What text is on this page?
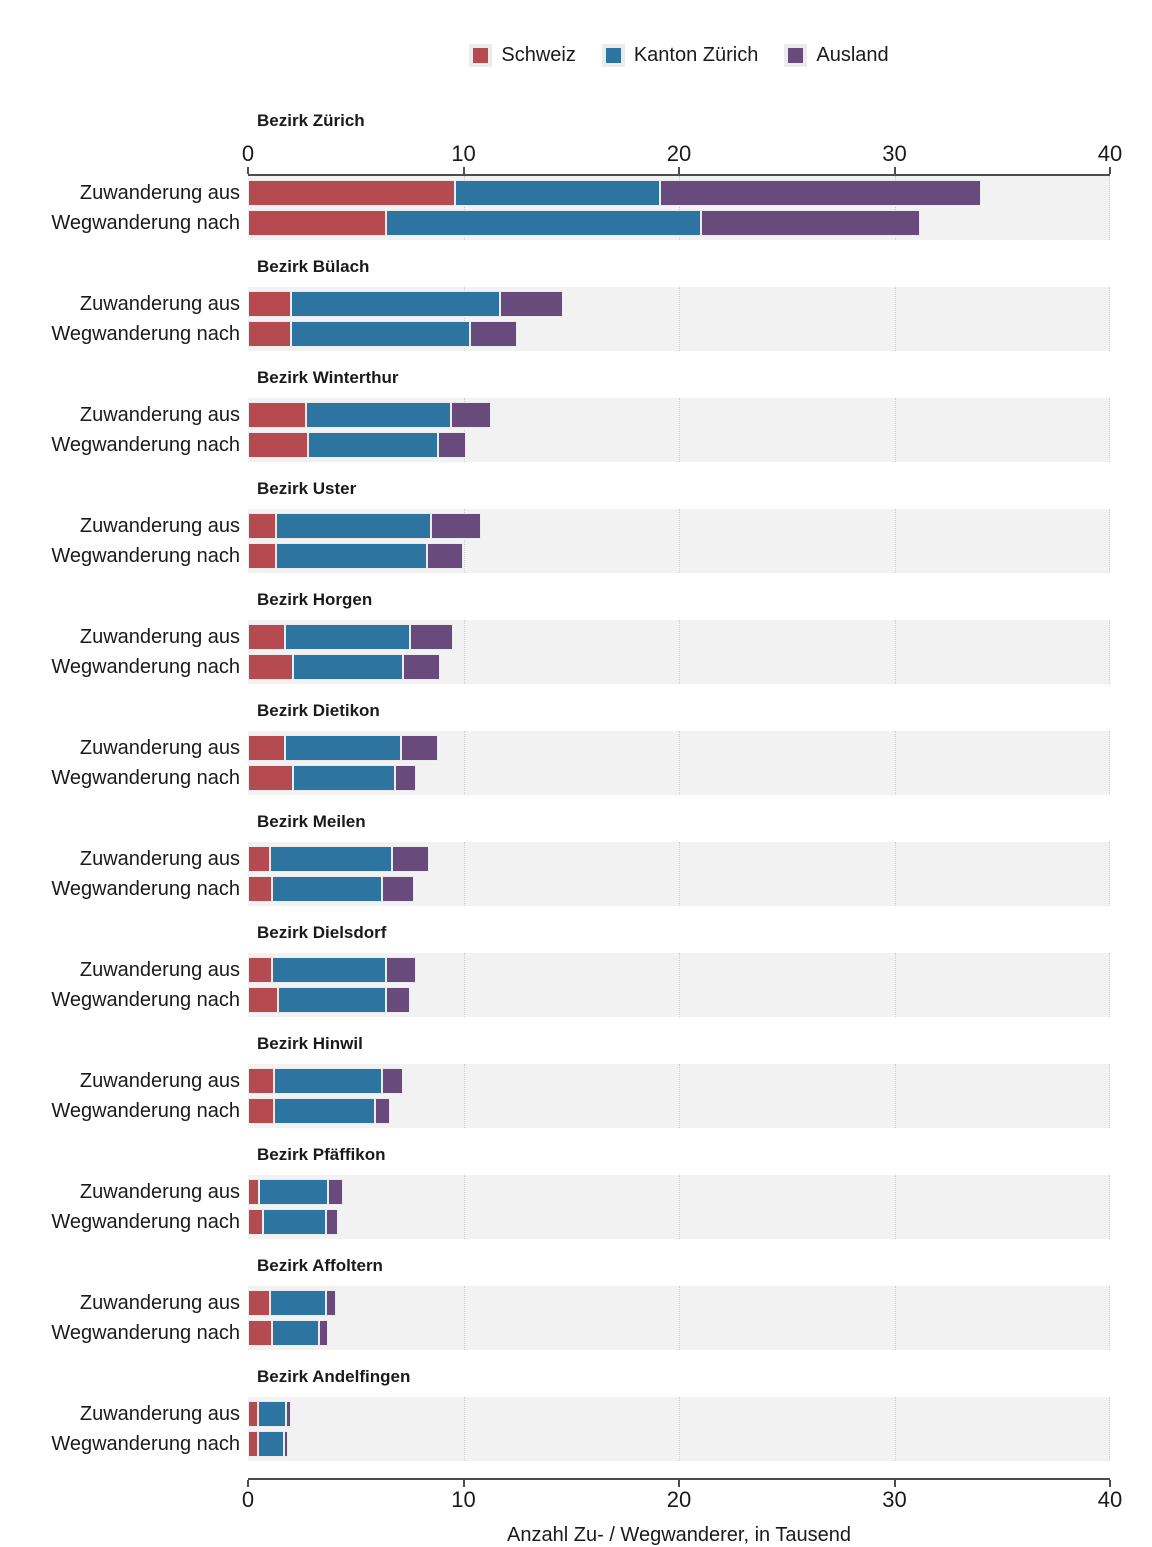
Schweiz	Kanton Zürich	Ausland
Bezirk Zürich
0	10	20	30	40
Zuwanderung aus
Wegwanderung nach
Bezirk Bülach
Zuwanderung aus
Wegwanderung nach
Bezirk Winterthur
Zuwanderung aus
Wegwanderung nach
Bezirk Uster
Zuwanderung aus
Wegwanderung nach
Bezirk Horgen
Zuwanderung aus
Wegwanderung nach
Bezirk Dietikon
Zuwanderung aus
Wegwanderung nach
Bezirk Meilen
Zuwanderung aus
Wegwanderung nach
Bezirk Dielsdorf
Zuwanderung aus
Wegwanderung nach
Bezirk Hinwil
Zuwanderung aus
Wegwanderung nach
Bezirk Pfäffikon
Zuwanderung aus
Wegwanderung nach
Bezirk Affoltern
Zuwanderung aus
Wegwanderung nach
Bezirk Andelfingen
Zuwanderung aus
Wegwanderung nach
0	10	20	30	40
Anzahl Zu- / Wegwanderer, in Tausend
